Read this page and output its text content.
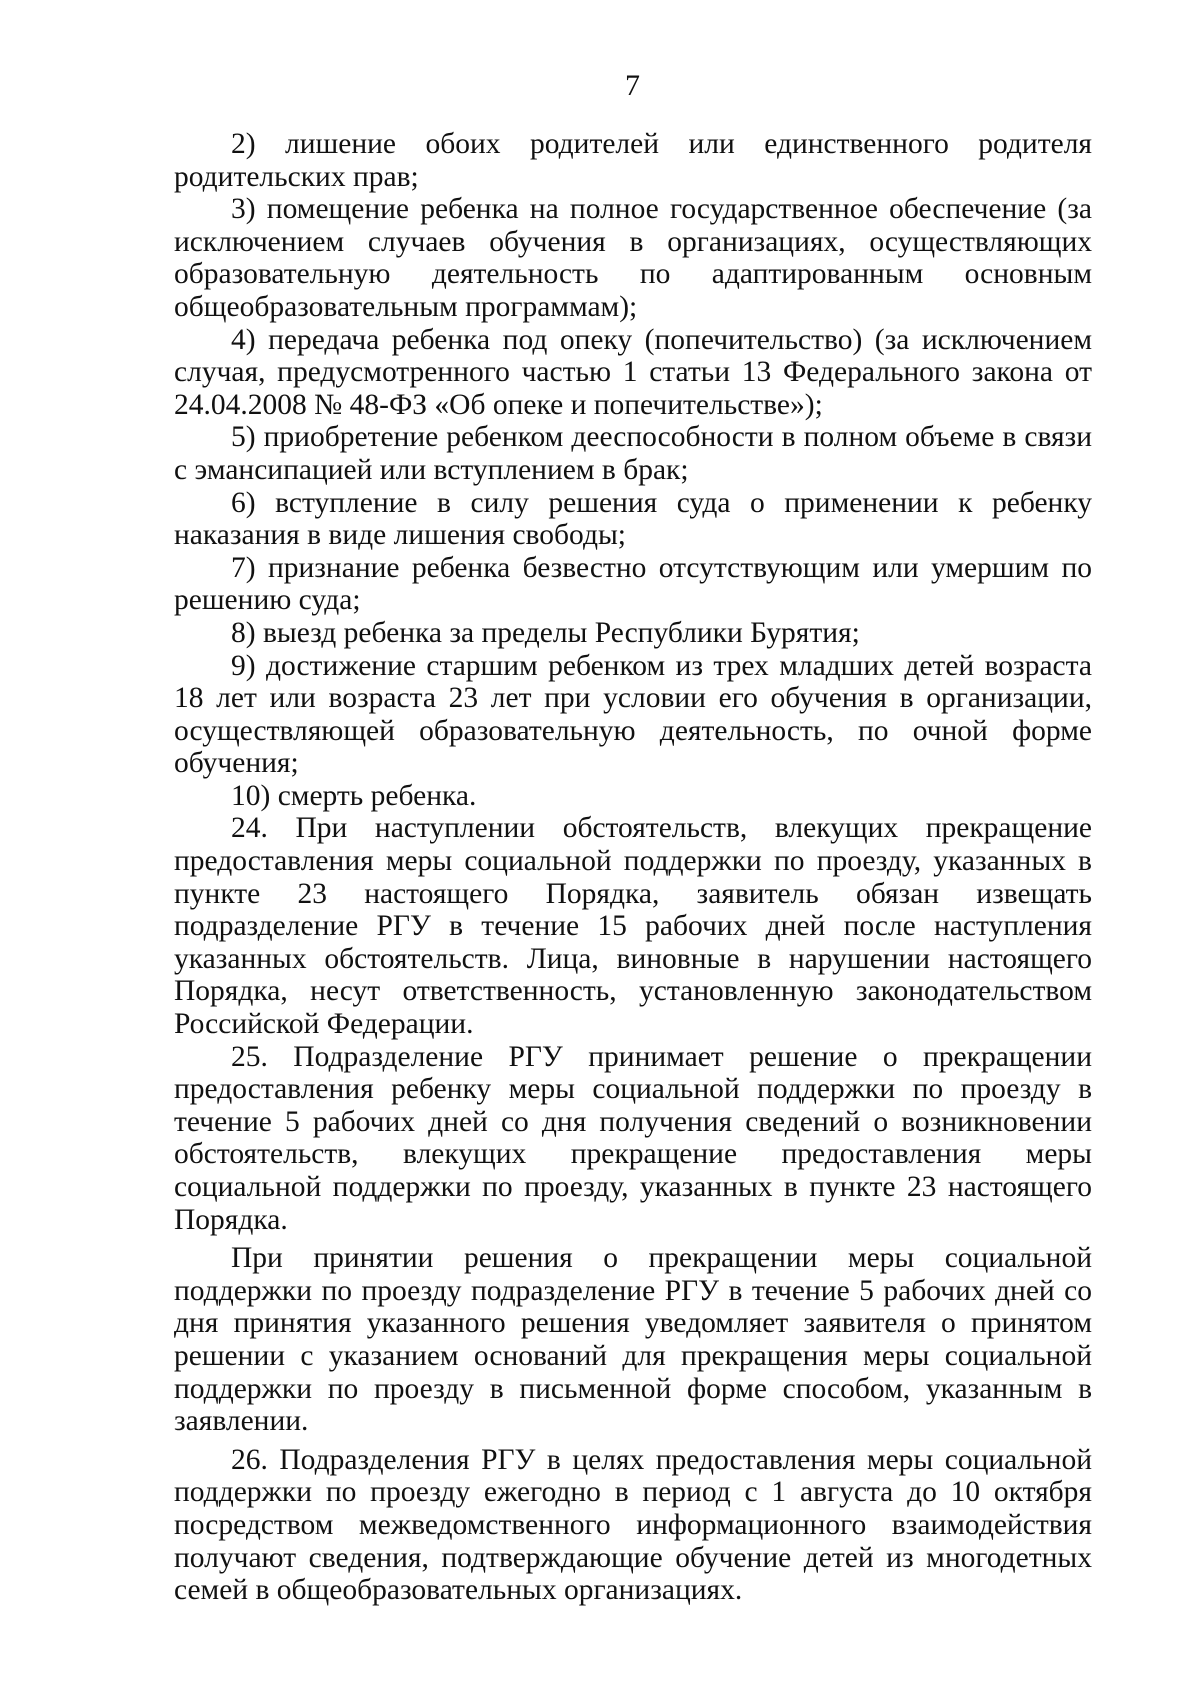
7

2) лишение обоих родителей или единственного родителя родительских прав;

3) помещение ребенка на полное государственное обеспечение (за исключением случаев обучения в организациях, осуществляющих образовательную деятельность по адаптированным основным общеобразовательным программам);

4) передача ребенка под опеку (попечительство) (за исключением случая, предусмотренного частью 1 статьи 13 Федерального закона от 24.04.2008 № 48-ФЗ «Об опеке и попечительстве»);

5) приобретение ребенком дееспособности в полном объеме в связи с эмансипацией или вступлением в брак;

6) вступление в силу решения суда о применении к ребенку наказания в виде лишения свободы;

7) признание ребенка безвестно отсутствующим или умершим по решению суда;

8) выезд ребенка за пределы Республики Бурятия;

9) достижение старшим ребенком из трех младших детей возраста 18 лет или возраста 23 лет при условии его обучения в организации, осуществляющей образовательную деятельность, по очной форме обучения;

10) смерть ребенка.

24. При наступлении обстоятельств, влекущих прекращение предоставления меры социальной поддержки по проезду, указанных в пункте 23 настоящего Порядка, заявитель обязан извещать подразделение РГУ в течение 15 рабочих дней после наступления указанных обстоятельств. Лица, виновные в нарушении настоящего Порядка, несут ответственность, установленную законодательством Российской Федерации.

25. Подразделение РГУ принимает решение о прекращении предоставления ребенку меры социальной поддержки по проезду в течение 5 рабочих дней со дня получения сведений о возникновении обстоятельств, влекущих прекращение предоставления меры социальной поддержки по проезду, указанных в пункте 23 настоящего Порядка.

При принятии решения о прекращении меры социальной поддержки по проезду подразделение РГУ в течение 5 рабочих дней со дня принятия указанного решения уведомляет заявителя о принятом решении с указанием оснований для прекращения меры социальной поддержки по проезду в письменной форме способом, указанным в заявлении.

26. Подразделения РГУ в целях предоставления меры социальной поддержки по проезду ежегодно в период с 1 августа до 10 октября посредством межведомственного информационного взаимодействия получают сведения, подтверждающие обучение детей из многодетных семей в общеобразовательных организациях.
